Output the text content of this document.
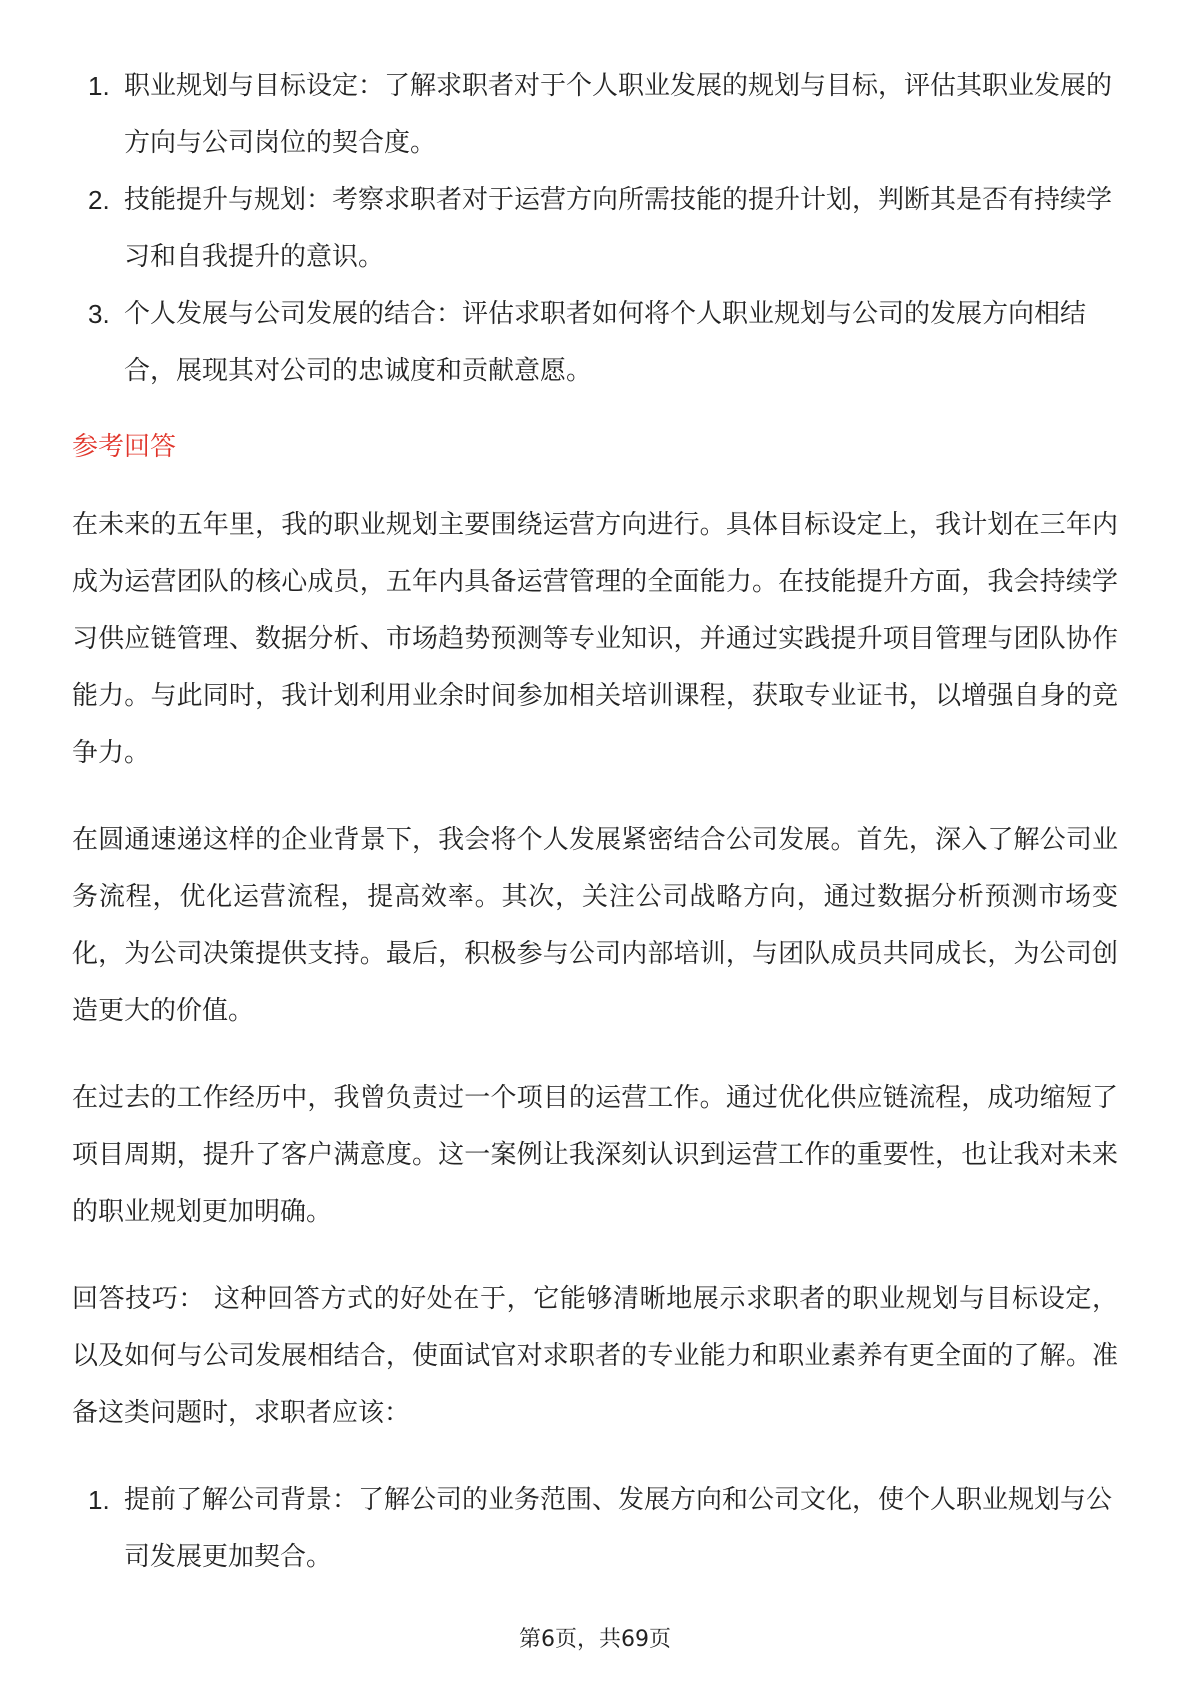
1. 职业规划与目标设定：了解求职者对于个人职业发展的规划与目标，评估其职业发展的方向与公司岗位的契合度。
2. 技能提升与规划：考察求职者对于运营方向所需技能的提升计划，判断其是否有持续学习和自我提升的意识。
3. 个人发展与公司发展的结合：评估求职者如何将个人职业规划与公司的发展方向相结合，展现其对公司的忠诚度和贡献意愿。
参考回答

在未来的五年里，我的职业规划主要围绕运营方向进行。具体目标设定上，我计划在三年内成为运营团队的核心成员，五年内具备运营管理的全面能力。在技能提升方面，我会持续学习供应链管理、数据分析、市场趋势预测等专业知识，并通过实践提升项目管理与团队协作能力。与此同时，我计划利用业余时间参加相关培训课程，获取专业证书，以增强自身的竞争力。

在圆通速递这样的企业背景下，我会将个人发展紧密结合公司发展。首先，深入了解公司业务流程，优化运营流程，提高效率。其次，关注公司战略方向，通过数据分析预测市场变化，为公司决策提供支持。最后，积极参与公司内部培训，与团队成员共同成长，为公司创造更大的价值。

在过去的工作经历中，我曾负责过一个项目的运营工作。通过优化供应链流程，成功缩短了项目周期，提升了客户满意度。这一案例让我深刻认识到运营工作的重要性，也让我对未来的职业规划更加明确。

回答技巧： 这种回答方式的好处在于，它能够清晰地展示求职者的职业规划与目标设定，以及如何与公司发展相结合，使面试官对求职者的专业能力和职业素养有更全面的了解。准备这类问题时，求职者应该：

1. 提前了解公司背景：了解公司的业务范围、发展方向和公司文化，使个人职业规划与公司发展更加契合。
第6页，共69页
